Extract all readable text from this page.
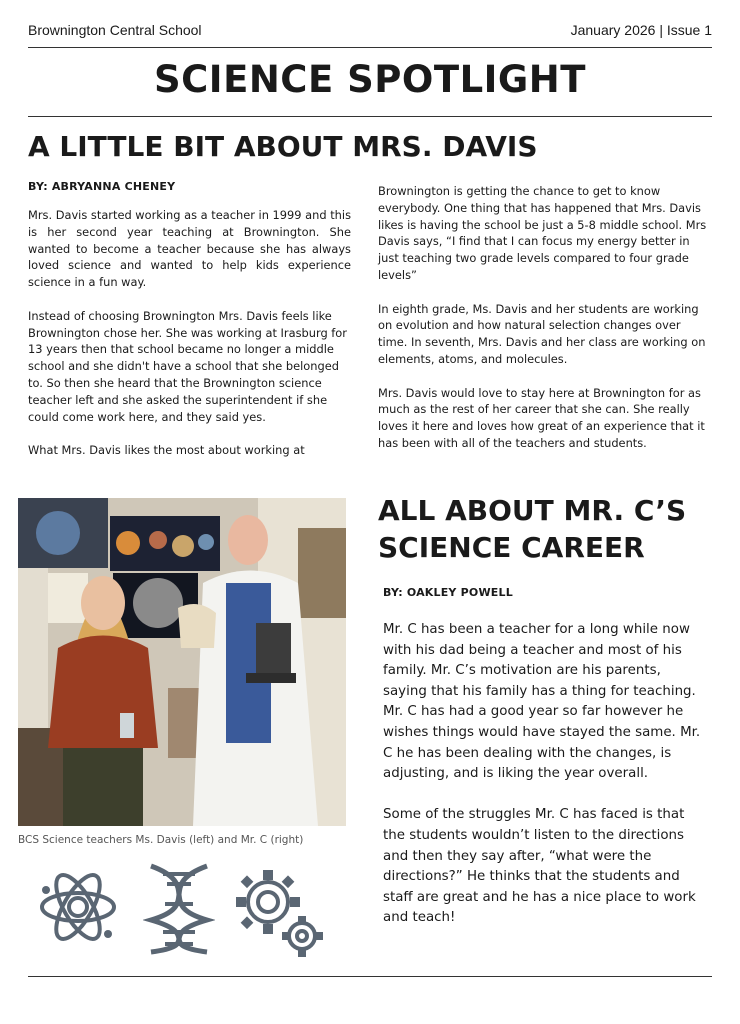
Brownington Central School	January 2026 | Issue 1
SCIENCE SPOTLIGHT
A LITTLE BIT ABOUT MRS. DAVIS
BY: ABRYANNA CHENEY

Mrs. Davis started working as a teacher in 1999 and this is her second year teaching at Brownington. She wanted to become a teacher because she has always loved science and wanted to help kids experience science in a fun way.

Instead of choosing Brownington Mrs. Davis feels like Brownington chose her. She was working at Irasburg for 13 years then that school became no longer a middle school and she didn't have a school that she belonged to. So then she heard that the Brownington science teacher left and she asked the superintendent if she could come work here, and they said yes.

What Mrs. Davis likes the most about working at

Brownington is getting the chance to get to know everybody. One thing that has happened that Mrs. Davis likes is having the school be just a 5-8 middle school. Mrs Davis says, “I find that I can focus my energy better in just teaching two grade levels compared to four grade levels”

In eighth grade, Ms. Davis and her students are working on evolution and how natural selection changes over time. In seventh, Mrs. Davis and her class are working on elements, atoms, and molecules.

Mrs. Davis would love to stay here at Brownington for as much as the rest of her career that she can. She really loves it here and loves how great of an experience that it has been with all of the teachers and students.

BCS Science teachers Ms. Davis (left) and Mr. C (right)
ALL ABOUT MR. C’S
SCIENCE CAREER
BY: OAKLEY POWELL

Mr. C has been a teacher for a long while now with his dad being a teacher and most of his family. Mr. C’s motivation are his parents, saying that his family has a thing for teaching. Mr. C has had a good year so far however he wishes things would have stayed the same. Mr. C he has been dealing with the changes, is adjusting, and is liking the year overall.

Some of the struggles Mr. C has faced is that the students wouldn’t listen to the directions and then they say after, “what were the directions?” He thinks that the students and staff are great and he has a nice place to work and teach!
